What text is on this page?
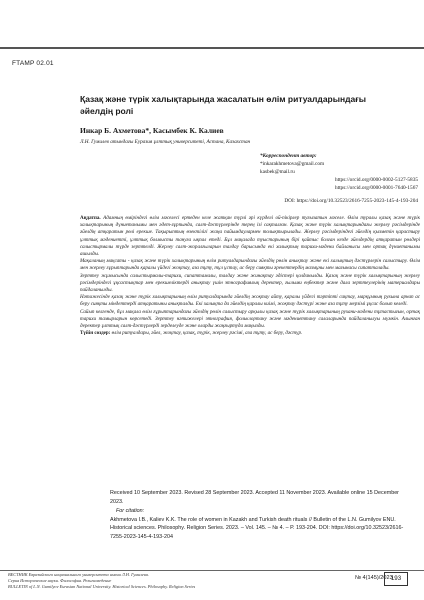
FTAMP 02.01
Қазақ және түрік халықтарында жасалатын өлім ритуалдарындағы әйелдің ролі
Инкар Б. Ахметова*, Касымбек К. Калиев
Л.Н. Гумилев атындағы Еуразия ұлттық университеті, Астана, Казахстан
*Корреспондент автор:
*inkarakhmetova@gmail.com
kasbek@mail.ru
https://orcid.org/0000-0002-5127-5835
https://orcid.org/0000-0001-7640-1567
DOI: https://doi.org/10.32523/2616-7255-2023-145-4-193-204

Аңдатпа. Адамның өміріндегі өлім мәселесі ертеден келе жатқан түрлі әрі күрделі ой-пікірлер туғызатын мәселе. Өлім туралы қазақ және түрік халықтарының дүниетанымы мен әдет-ғұрпында, салт-дәстүрлерінде терең ізі сақталған. Қазақ және түрік халықтарындағы жерлеу рәсімдерінде әйелдің атқаратын рөлі ерекше. Тақырыптың өзектілігі жаңа пайымдаулармен толықтырылады. Жерлеу рәсімдеріндегі әйелдің қызметін қарастыру ұлттық мәдениетті, ұлттық болмысты тануға ықпал етеді. Бұл мақалада туыстарының бірі қайтыс болған кезде әйелдердің атқаратын рөлдері салыстырмалы түрде зерттелді. Жерлеу салт-жоралғыларын талдау барысында екі халықтың тарихи-мәдени байланысы мен ортақ дүниетанымы ашылды.

Мақаланың мақсаты - қазақ және түрік халықтарының өлім ритуалдарындағы әйелдің рөлін анықтау және екі халықтың дәстүрлерін салыстыру. Өлім мен жерлеу ғұрыптарында қаралы үйдегі жоқтау, аза тұту, тұл ұстау, ас беру сияқты әрекеттердің мазмұны мен мағынасы сипатталады.

Зерттеу жұмысында салыстырмалы-тарихи, сипаттамалы, талдау және жинақтау әдістері қолданылды. Қазақ және түрік халықтарының жерлеу рәсімдеріндегі ұқсастықтар мен ерекшеліктерді анықтау үшін этнографиялық деректер, ғылыми еңбектер және дала зерттеулерінің материалдары пайдаланылды.

Нәтижесінде қазақ және түрік халықтарының өлім ритуалдарында әйелдің жоқтау айту, қаралы үйдегі тәртіпті сақтау, марқұмның рухына арнап ас беру сияқты міндеттерді атқаратыны анықталды. Екі халықта да әйелдің қаралы киімі, жоқтау дәстүрі және аза тұту мерзімі ұқсас болып келеді.

Сайып келгенде, бұл мақала өлім ғұрыптарындағы әйелдің рөлін салыстыру арқылы қазақ және түрік халықтарының рухани-мәдени тұтастығын, ортақ тарихи тамырларын көрсетеді. Зерттеу нәтижелері этнография, фольклортану және мәдениеттану салаларында пайдаланылуы мүмкін. Алынған деректер ұлттық салт-дәстүрлерді зерделеуде және оларды жаңғыртуда маңызды.

Түйін сөздер: өлім ритуалдары, әйел, жоқтау, қазақ, түрік, жерлеу рәсімі, аза тұту, ас беру, дәстүр.

Received 10 September 2023. Revised 28 September 2023. Accepted 11 November 2023. Available online 15 December 2023.
For citation:
Akhmetova I.B., Kaliev K.K. The role of women in Kazakh and Turkish death rituals // Bulletin of the L.N. Gumilyov ENU. Historical sciences. Philosophy. Religion Series. 2023. – Vol. 145. – № 4. – P. 193-204. DOI: https://doi.org/10.32523/2616-7255-2023-145-4-193-204
ВЕСТНИК Евразийского национального университета имени Л.Н. Гумилева.
Серия Исторические науки. Философия. Религиоведение
BULLETIN of L.N. Gumilyov Eurasian National University. Historical Sciences. Philosophy. Religion Series
№ 4(145)/2023
193
